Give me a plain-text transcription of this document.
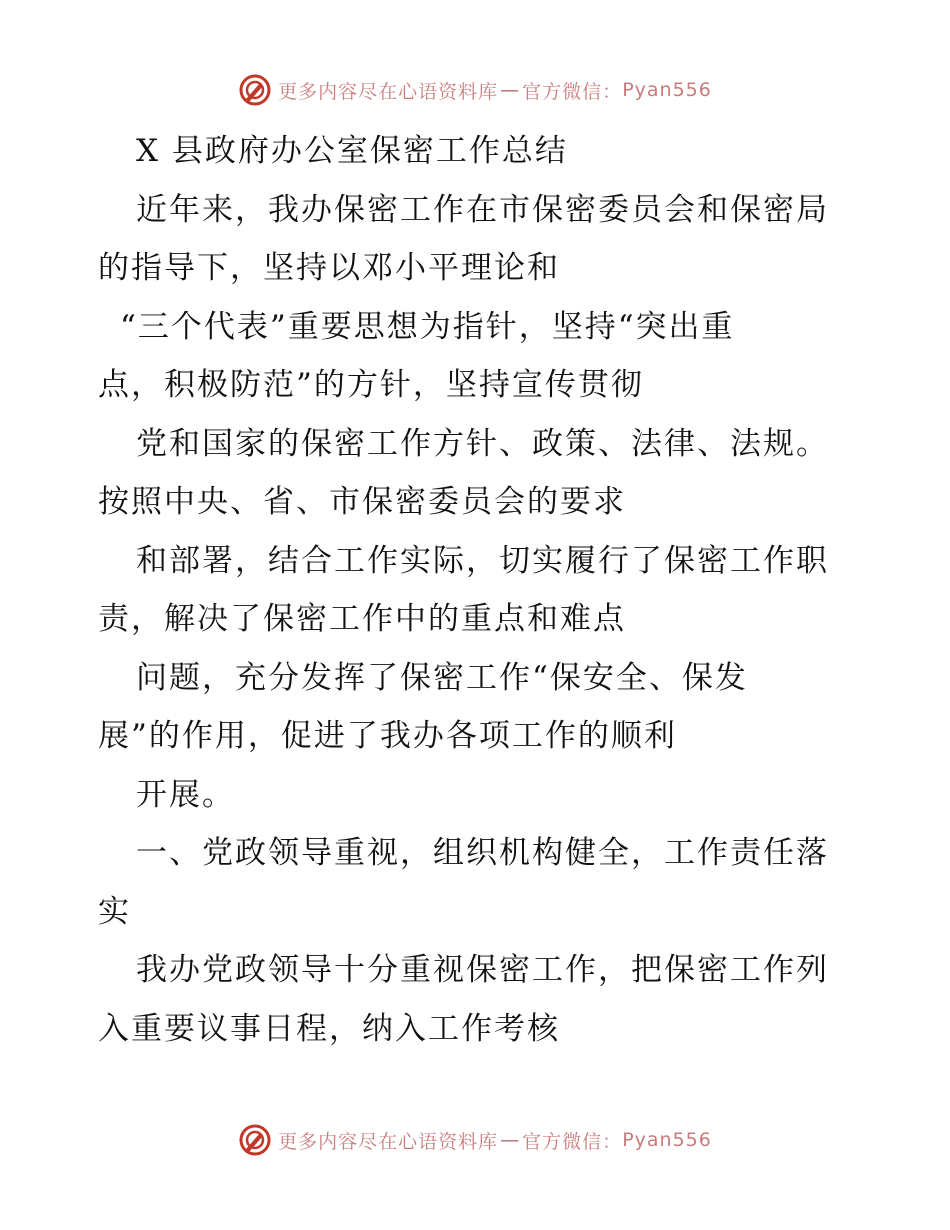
更多内容尽在心语资料库 — 官方微信： Pyan556
X 县政府办公室保密工作总结
近年来，我办保密工作在市保密委员会和保密局
的指导下，坚持以邓小平理论和
“三个代表”重要思想为指针，坚持“突出重
点，积极防范”的方针，坚持宣传贯彻
党和国家的保密工作方针、政策、法律、法规。
按照中央、省、市保密委员会的要求
和部署，结合工作实际，切实履行了保密工作职
责，解决了保密工作中的重点和难点
问题，充分发挥了保密工作“保安全、保发
展”的作用，促进了我办各项工作的顺利
开展。
一、党政领导重视，组织机构健全，工作责任落
实
我办党政领导十分重视保密工作，把保密工作列
入重要议事日程，纳入工作考核
更多内容尽在心语资料库 — 官方微信： Pyan556
